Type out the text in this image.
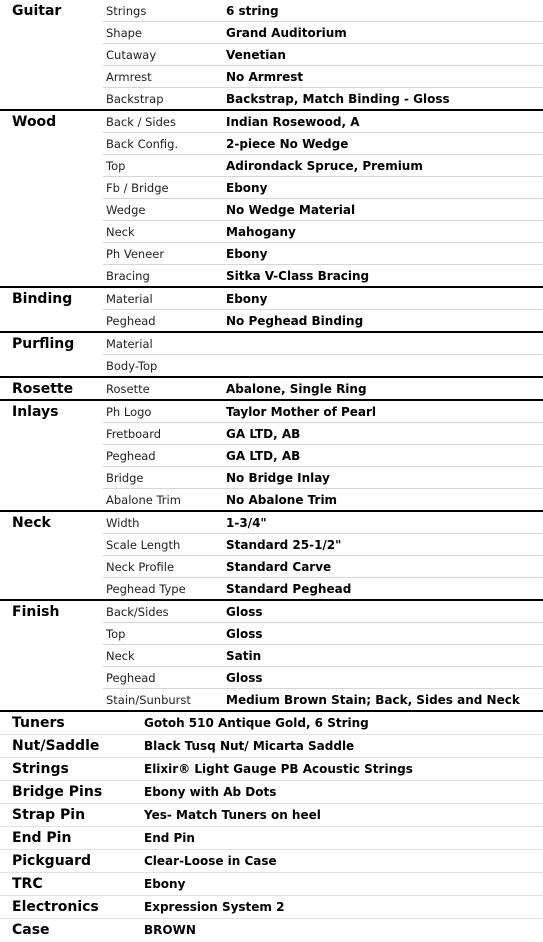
Guitar	Strings	6 string
Shape	Grand Auditorium
Cutaway	Venetian
Armrest	No Armrest
Backstrap	Backstrap, Match Binding - Gloss
Wood	Back / Sides	Indian Rosewood, A
Back Config.	2-piece No Wedge
Top	Adirondack Spruce, Premium
Fb / Bridge	Ebony
Wedge	No Wedge Material
Neck	Mahogany
Ph Veneer	Ebony
Bracing	Sitka V-Class Bracing
Binding	Material	Ebony
Peghead	No Peghead Binding
Purfling	Material
Body-Top
Rosette	Rosette	Abalone, Single Ring
Inlays	Ph Logo	Taylor Mother of Pearl
Fretboard	GA LTD, AB
Peghead	GA LTD, AB
Bridge	No Bridge Inlay
Abalone Trim	No Abalone Trim
Neck	Width	1-3/4"
Scale Length	Standard 25-1/2"
Neck Profile	Standard Carve
Peghead Type	Standard Peghead
Finish	Back/Sides	Gloss
Top	Gloss
Neck	Satin
Peghead	Gloss
Stain/Sunburst	Medium Brown Stain; Back, Sides and Neck
Tuners	Gotoh 510 Antique Gold, 6 String
Nut/Saddle	Black Tusq Nut/ Micarta Saddle
Strings	Elixir® Light Gauge PB Acoustic Strings
Bridge Pins	Ebony with Ab Dots
Strap Pin	Yes- Match Tuners on heel
End Pin	End Pin
Pickguard	Clear-Loose in Case
TRC	Ebony
Electronics	Expression System 2
Case	BROWN
